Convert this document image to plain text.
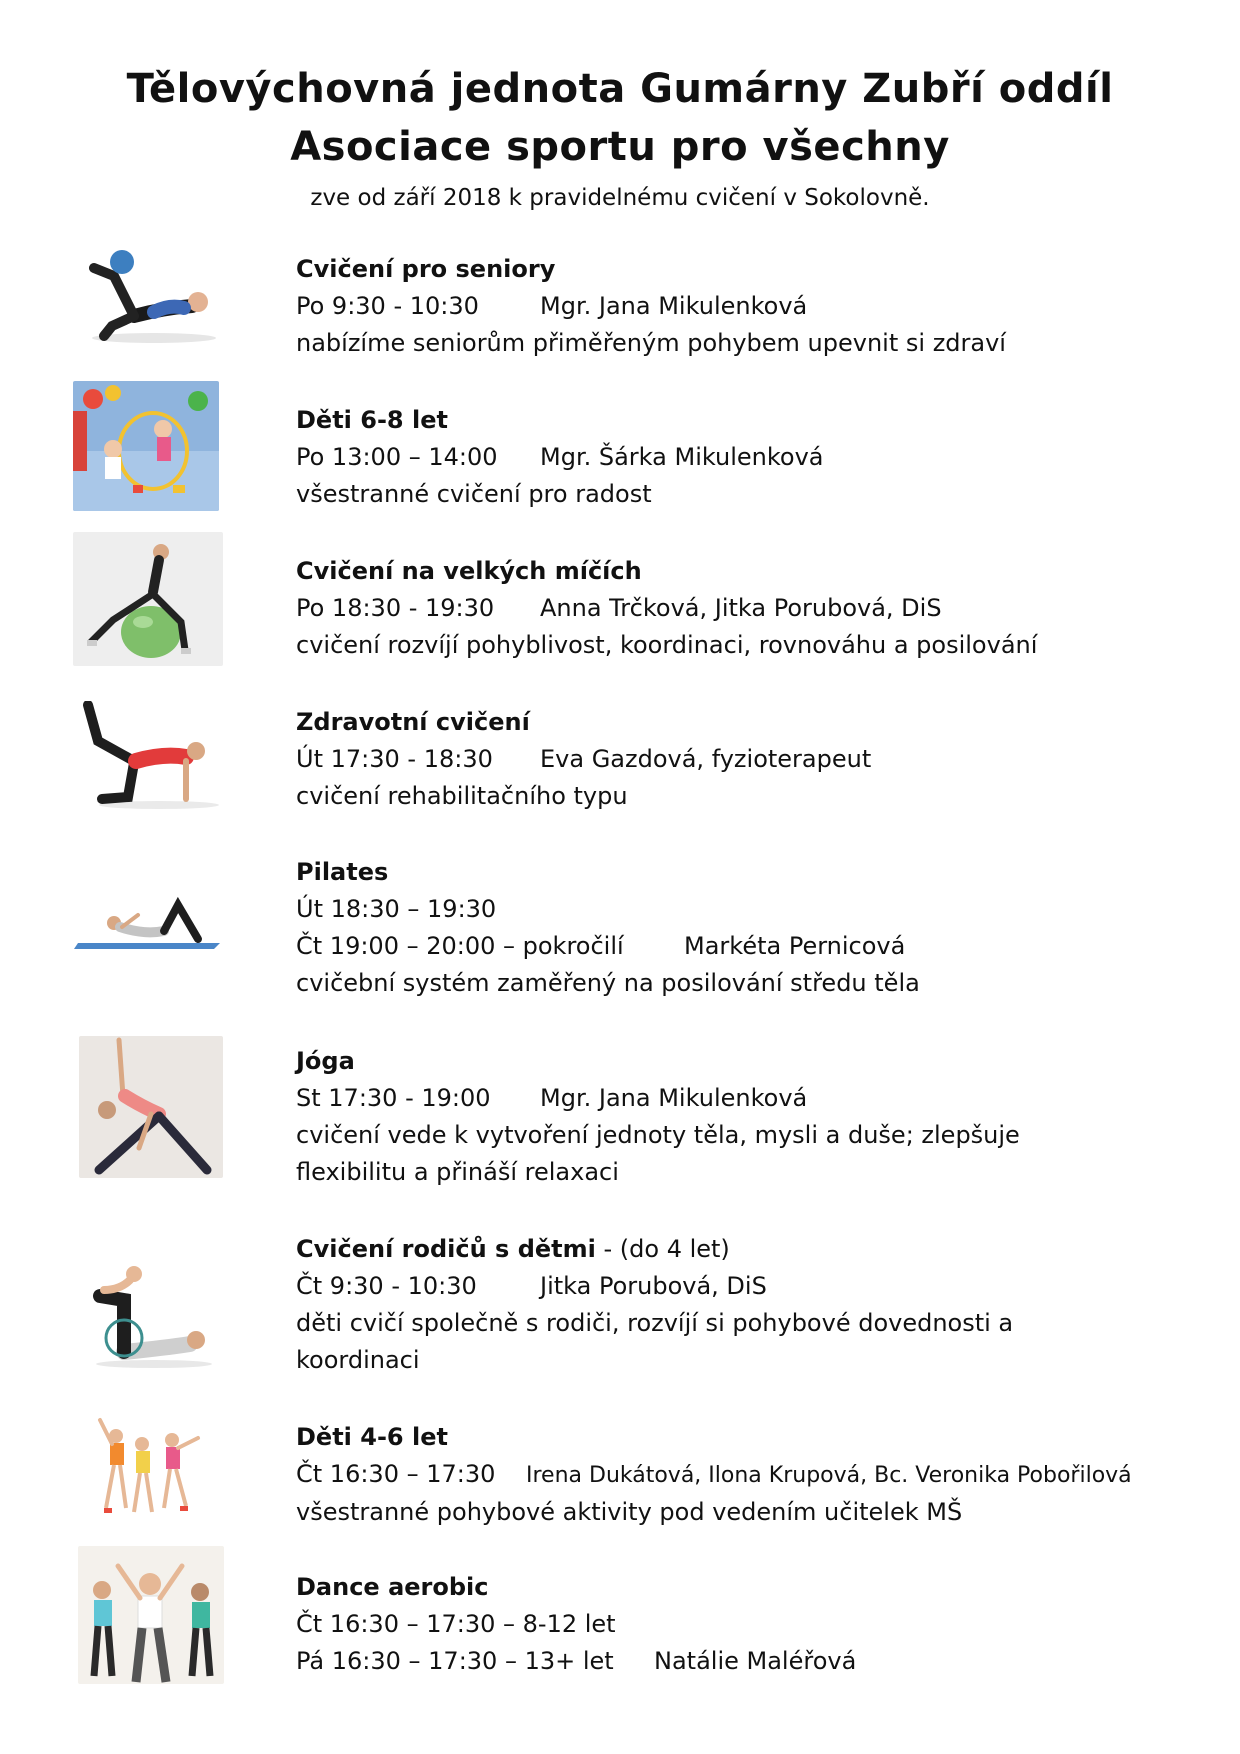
Tělovýchovná jednota Gumárny Zubří oddíl
Asociace sportu pro všechny
zve od září 2018 k pravidelnému cvičení v Sokolovně.
Cvičení pro seniory
Po 9:30 - 10:30	Mgr. Jana Mikulenková
nabízíme seniorům přiměřeným pohybem upevnit si zdraví
Děti 6-8 let
Po 13:00 – 14:00 Mgr. Šárka Mikulenková
všestranné cvičení pro radost
Cvičení na velkých míčích
Po 18:30 - 19:30 Anna Trčková, Jitka Porubová, DiS
cvičení rozvíjí pohyblivost, koordinaci, rovnováhu a posilování
Zdravotní cvičení
Út 17:30 - 18:30 Eva Gazdová, fyzioterapeut
cvičení rehabilitačního typu
Pilates
Út 18:30 – 19:30
Čt 19:00 – 20:00 – pokročilí	Markéta Pernicová
cvičební systém zaměřený na posilování středu těla
Jóga
St 17:30 - 19:00 Mgr. Jana Mikulenková
cvičení vede k vytvoření jednoty těla, mysli a duše; zlepšuje flexibilitu a přináší relaxaci
Cvičení rodičů s dětmi - (do 4 let)
Čt 9:30 - 10:30	Jitka Porubová, DiS
děti cvičí společně s rodiči, rozvíjí si pohybové dovednosti a koordinaci
Děti 4-6 let
Čt 16:30 – 17:30 Irena Dukátová, Ilona Krupová, Bc. Veronika Pobořilová
všestranné pohybové aktivity pod vedením učitelek MŠ
Dance aerobic
Čt 16:30 – 17:30 – 8-12 let
Pá 16:30 – 17:30 – 13+ let Natálie Maléřová
